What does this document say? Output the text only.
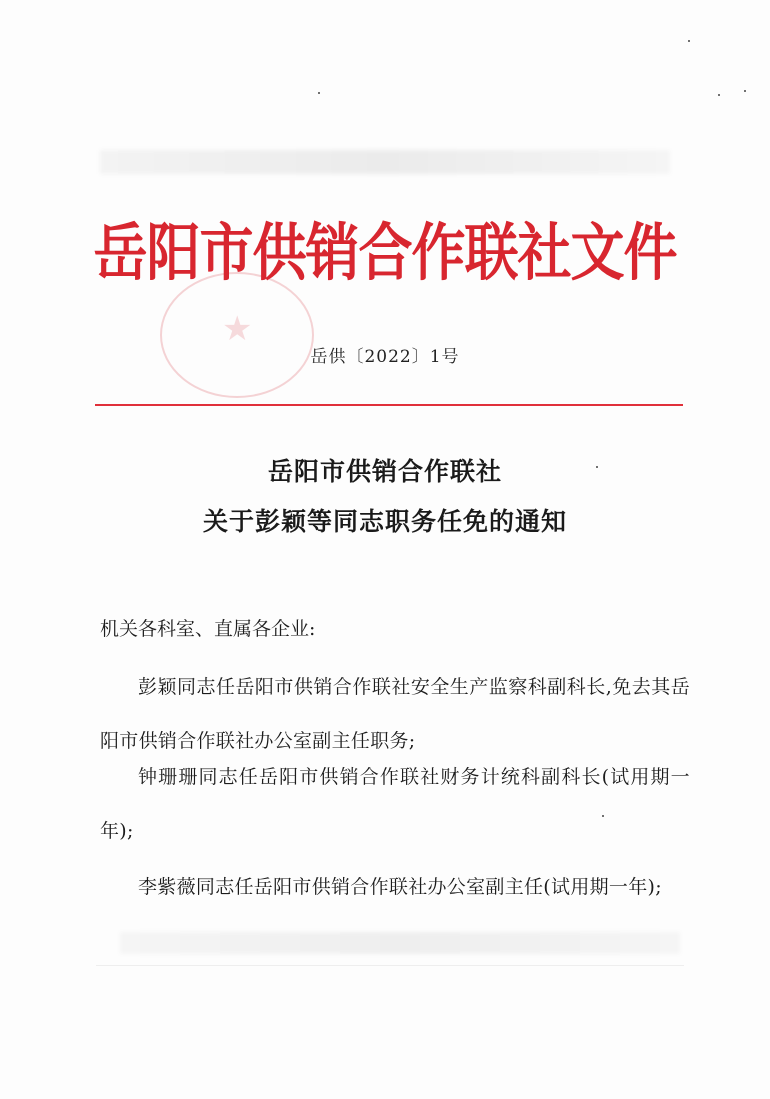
★
岳阳市供销合作联社文件
岳供〔2022〕1号
岳阳市供销合作联社
关于彭颖等同志职务任免的通知
机关各科室、直属各企业:
彭颖同志任岳阳市供销合作联社安全生产监察科副科长,免去其岳阳市供销合作联社办公室副主任职务;
钟珊珊同志任岳阳市供销合作联社财务计统科副科长(试用期一年);
李紫薇同志任岳阳市供销合作联社办公室副主任(试用期一年);
